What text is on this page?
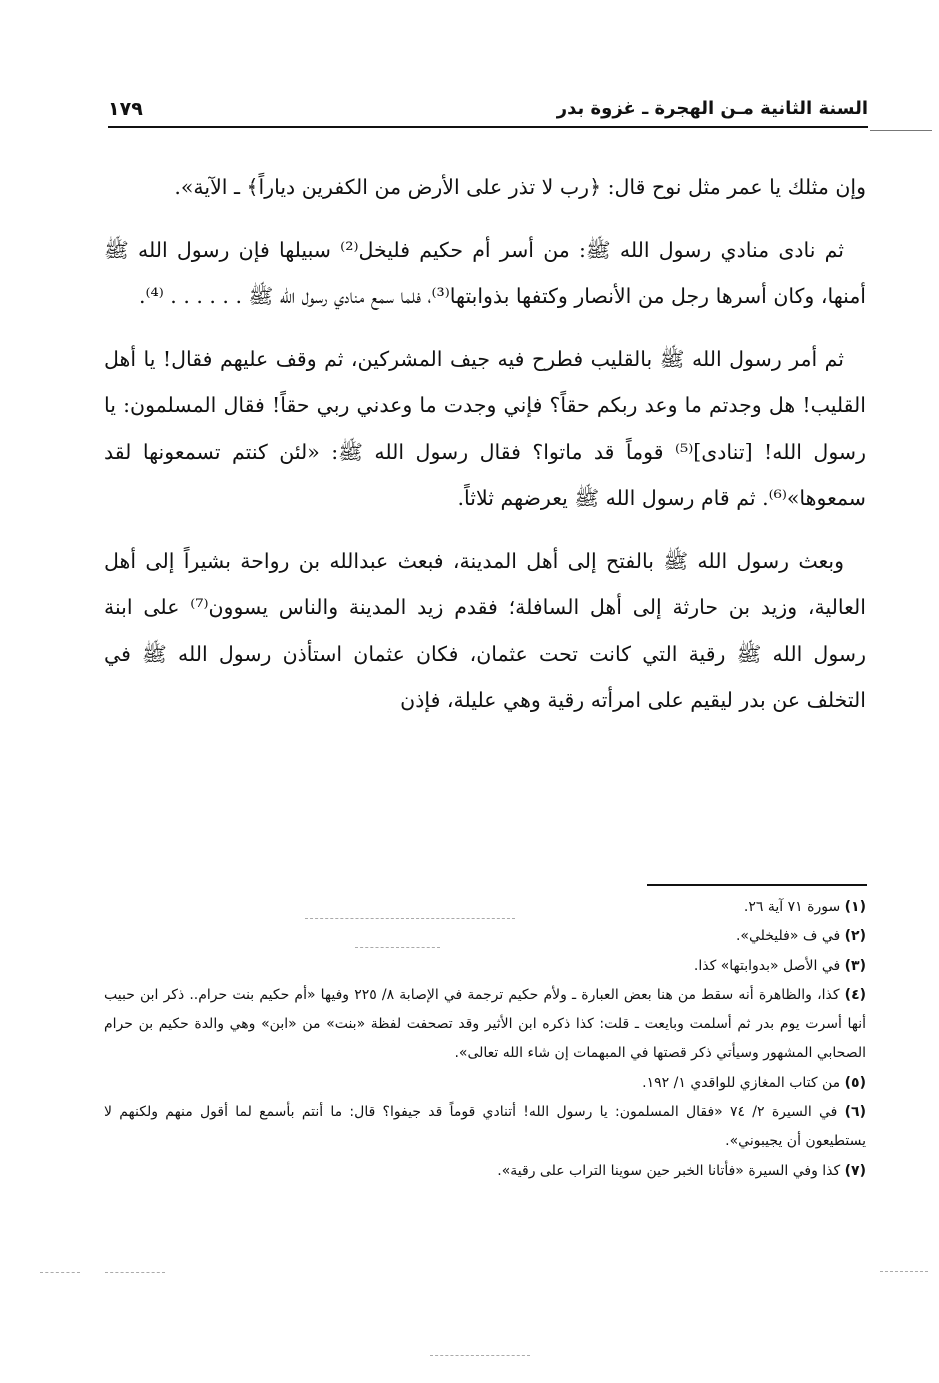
السنة الثانية مـن الهجرة ـ غزوة بدر
١٧٩

وإن مثلك يا عمر مثل نوح قال: ﴿رب لا تذر على الأرض من الكفرين دياراً﴾ ـ الآية».

ثم نادى منادي رسول الله ﷺ: من أسر أم حكيم فليخل⁽²⁾ سبيلها فإن رسول الله ﷺ أمنها، وكان أسرها رجل من الأنصار وكتفها بذوابتها⁽³⁾، فلما سمع منادي رسول الله ﷺ . . . . . . ⁽⁴⁾.

ثم أمر رسول الله ﷺ بالقليب فطرح فيه جيف المشركين، ثم وقف عليهم فقال! يا أهل القليب! هل وجدتم ما وعد ربكم حقاً؟ فإني وجدت ما وعدني ربي حقاً! فقال المسلمون: يا رسول الله! [تنادى]⁽⁵⁾ قوماً قد ماتوا؟ فقال رسول الله ﷺ: «لئن كنتم تسمعونها لقد سمعوها»⁽⁶⁾. ثم قام رسول الله ﷺ يعرضهم ثلاثاً.

وبعث رسول الله ﷺ بالفتح إلى أهل المدينة، فبعث عبدالله بن رواحة بشيراً إلى أهل العالية، وزيد بن حارثة إلى أهل السافلة؛ فقدم زيد المدينة والناس يسوون⁽⁷⁾ على ابنة رسول الله ﷺ رقية التي كانت تحت عثمان، فكان عثمان استأذن رسول الله ﷺ في التخلف عن بدر ليقيم على امرأته رقية وهي عليلة، فإذن

(١) سورة ٧١ آية ٢٦.

(٢) في ف «فليخلي».

(٣) في الأصل «بدوابتها» كذا.

(٤) كذا، والظاهرة أنه سقط من هنا بعض العبارة ـ ولأم حكيم ترجمة في الإصابة ٨/ ٢٢٥ وفيها «أم حكيم بنت حرام.. ذكر ابن حبيب أنها أسرت يوم بدر ثم أسلمت وبايعت ـ قلت: كذا ذكره ابن الأثير وقد تصحفت لفظة «بنت» من «ابن» وهي والدة حكيم بن حرام الصحابي المشهور وسيأتي ذكر قصتها في المبهمات إن شاء الله تعالى».

(٥) من كتاب المغازي للواقدي ١/ ١٩٢.

(٦) في السيرة ٢/ ٧٤ «فقال المسلمون: يا رسول الله! أتنادي قوماً قد جيفوا؟ قال: ما أنتم بأسمع لما أقول منهم ولكنهم لا يستطيعون أن يجيبوني».

(٧) كذا وفي السيرة «فأتانا الخبر حين سوينا التراب على رقية».
